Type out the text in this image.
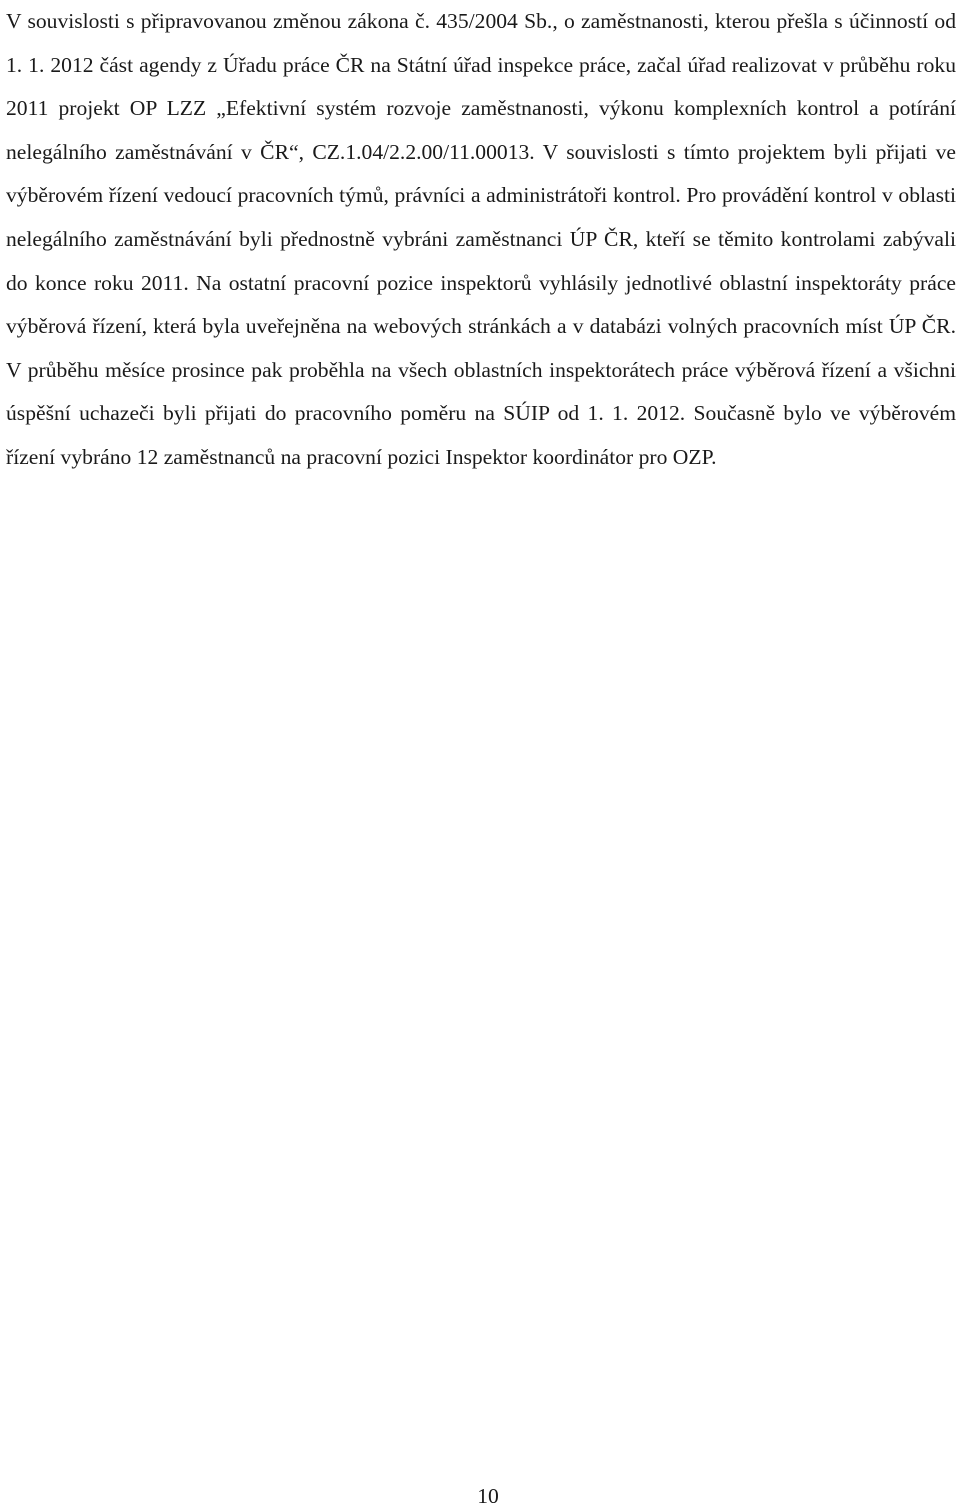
V souvislosti s připravovanou změnou zákona č. 435/2004 Sb., o zaměstnanosti, kterou přešla s účinností od 1. 1. 2012 část agendy z Úřadu práce ČR na Státní úřad inspekce práce, začal úřad realizovat v průběhu roku 2011 projekt OP LZZ „Efektivní systém rozvoje zaměstnanosti, výkonu komplexních kontrol a potírání nelegálního zaměstnávání v ČR“, CZ.1.04/2.2.00/11.00013. V souvislosti s tímto projektem byli přijati ve výběrovém řízení vedoucí pracovních týmů, právníci a administrátoři kontrol. Pro provádění kontrol v oblasti nelegálního zaměstnávání byli přednostně vybráni zaměstnanci ÚP ČR, kteří se těmito kontrolami zabývali do konce roku 2011. Na ostatní pracovní pozice inspektorů vyhlásily jednotlivé oblastní inspektoráty práce výběrová řízení, která byla uveřejněna na webových stránkách a v databázi volných pracovních míst ÚP ČR. V průběhu měsíce prosince pak proběhla na všech oblastních inspektorátech práce výběrová řízení a všichni úspěšní uchazeči byli přijati do pracovního poměru na SÚIP od 1. 1. 2012. Současně bylo ve výběrovém řízení vybráno 12 zaměstnanců na pracovní pozici Inspektor koordinátor pro OZP.

10
